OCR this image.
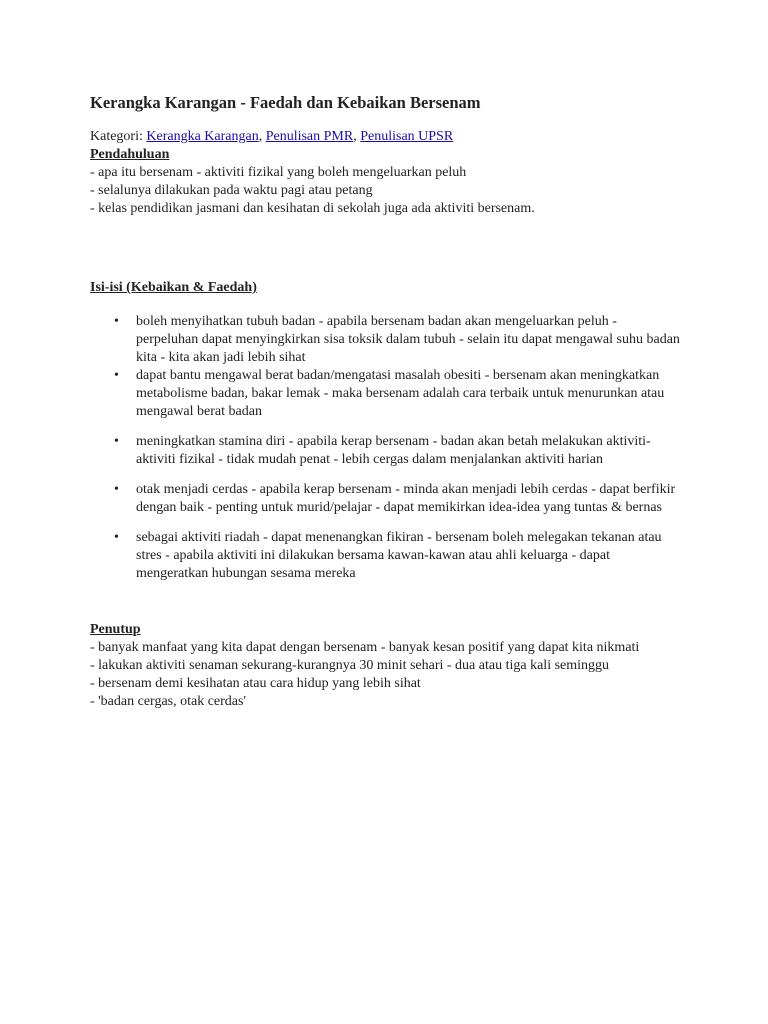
Kerangka Karangan - Faedah dan Kebaikan Bersenam
Kategori: Kerangka Karangan, Penulisan PMR, Penulisan UPSR

Pendahuluan

- apa itu bersenam - aktiviti fizikal yang boleh mengeluarkan peluh

- selalunya dilakukan pada waktu pagi atau petang

- kelas pendidikan jasmani dan kesihatan di sekolah juga ada aktiviti bersenam.

Isi-isi (Kebaikan & Faedah)

• boleh menyihatkan tubuh badan - apabila bersenam badan akan mengeluarkan peluh - perpeluhan dapat menyingkirkan sisa toksik dalam tubuh - selain itu dapat mengawal suhu badan kita - kita akan jadi lebih sihat
• dapat bantu mengawal berat badan/mengatasi masalah obesiti - bersenam akan meningkatkan metabolisme badan, bakar lemak - maka bersenam adalah cara terbaik untuk menurunkan atau mengawal berat badan
• meningkatkan stamina diri - apabila kerap bersenam - badan akan betah melakukan aktiviti-aktiviti fizikal - tidak mudah penat - lebih cergas dalam menjalankan aktiviti harian
• otak menjadi cerdas - apabila kerap bersenam - minda akan menjadi lebih cerdas - dapat berfikir dengan baik - penting untuk murid/pelajar - dapat memikirkan idea-idea yang tuntas & bernas
• sebagai aktiviti riadah - dapat menenangkan fikiran - bersenam boleh melegakan tekanan atau stres - apabila aktiviti ini dilakukan bersama kawan-kawan atau ahli keluarga - dapat mengeratkan hubungan sesama mereka

Penutup

- banyak manfaat yang kita dapat dengan bersenam - banyak kesan positif yang dapat kita nikmati

- lakukan aktiviti senaman sekurang-kurangnya 30 minit sehari - dua atau tiga kali seminggu

- bersenam demi kesihatan atau cara hidup yang lebih sihat

- 'badan cergas, otak cerdas'
